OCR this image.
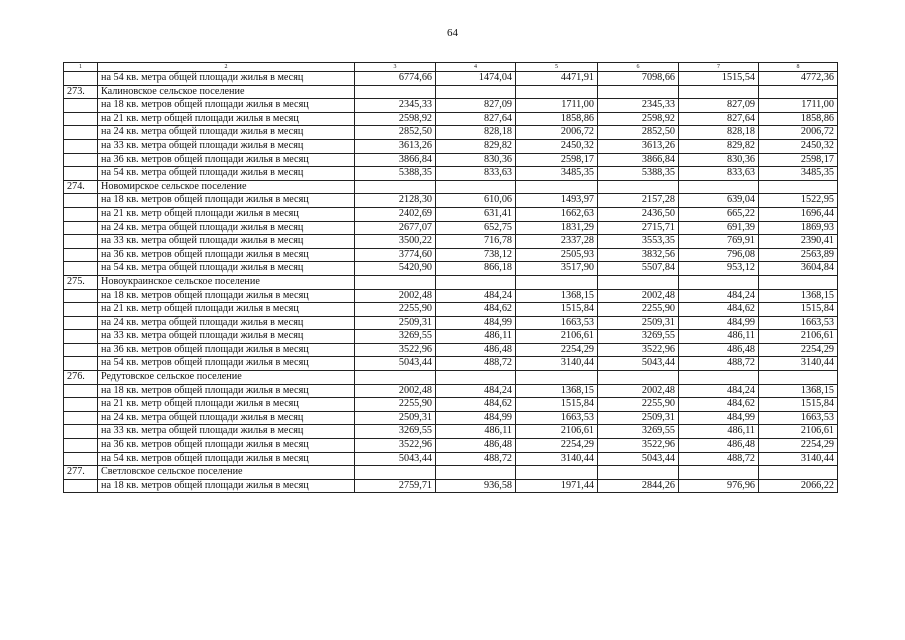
64
1	2	3	4	5	6	7	8
	на 54 кв. метра общей площади жилья в месяц	6774,66	1474,04	4471,91	7098,66	1515,54	4772,36
273.	Калиновское сельское поселение						
	на 18 кв. метров общей площади жилья в месяц	2345,33	827,09	1711,00	2345,33	827,09	1711,00
	на 21 кв. метр общей площади жилья в месяц	2598,92	827,64	1858,86	2598,92	827,64	1858,86
	на 24 кв. метра общей площади жилья в месяц	2852,50	828,18	2006,72	2852,50	828,18	2006,72
	на 33 кв. метра общей площади жилья в месяц	3613,26	829,82	2450,32	3613,26	829,82	2450,32
	на 36 кв. метров общей площади жилья в месяц	3866,84	830,36	2598,17	3866,84	830,36	2598,17
	на 54 кв. метра общей площади жилья в месяц	5388,35	833,63	3485,35	5388,35	833,63	3485,35
274.	Новомирское сельское поселение						
	на 18 кв. метров общей площади жилья в месяц	2128,30	610,06	1493,97	2157,28	639,04	1522,95
	на 21 кв. метр общей площади жилья в месяц	2402,69	631,41	1662,63	2436,50	665,22	1696,44
	на 24 кв. метра общей площади жилья в месяц	2677,07	652,75	1831,29	2715,71	691,39	1869,93
	на 33 кв. метра общей площади жилья в месяц	3500,22	716,78	2337,28	3553,35	769,91	2390,41
	на 36 кв. метров общей площади жилья в месяц	3774,60	738,12	2505,93	3832,56	796,08	2563,89
	на 54 кв. метра общей площади жилья в месяц	5420,90	866,18	3517,90	5507,84	953,12	3604,84
275.	Новоукраинское сельское поселение						
	на 18 кв. метров общей площади жилья в месяц	2002,48	484,24	1368,15	2002,48	484,24	1368,15
	на 21 кв. метр общей площади жилья в месяц	2255,90	484,62	1515,84	2255,90	484,62	1515,84
	на 24 кв. метра общей площади жилья в месяц	2509,31	484,99	1663,53	2509,31	484,99	1663,53
	на 33 кв. метра общей площади жилья в месяц	3269,55	486,11	2106,61	3269,55	486,11	2106,61
	на 36 кв. метров общей площади жилья в месяц	3522,96	486,48	2254,29	3522,96	486,48	2254,29
	на 54 кв. метров общей площади жилья в месяц	5043,44	488,72	3140,44	5043,44	488,72	3140,44
276.	Редутовское сельское поселение						
	на 18 кв. метров общей площади жилья в месяц	2002,48	484,24	1368,15	2002,48	484,24	1368,15
	на 21 кв. метр общей площади жилья в месяц	2255,90	484,62	1515,84	2255,90	484,62	1515,84
	на 24 кв. метра общей площади жилья в месяц	2509,31	484,99	1663,53	2509,31	484,99	1663,53
	на 33 кв. метра общей площади жилья в месяц	3269,55	486,11	2106,61	3269,55	486,11	2106,61
	на 36 кв. метров общей площади жилья в месяц	3522,96	486,48	2254,29	3522,96	486,48	2254,29
	на 54 кв. метров общей площади жилья в месяц	5043,44	488,72	3140,44	5043,44	488,72	3140,44
277.	Светловское сельское поселение						
	на 18 кв. метров общей площади жилья в месяц	2759,71	936,58	1971,44	2844,26	976,96	2066,22
